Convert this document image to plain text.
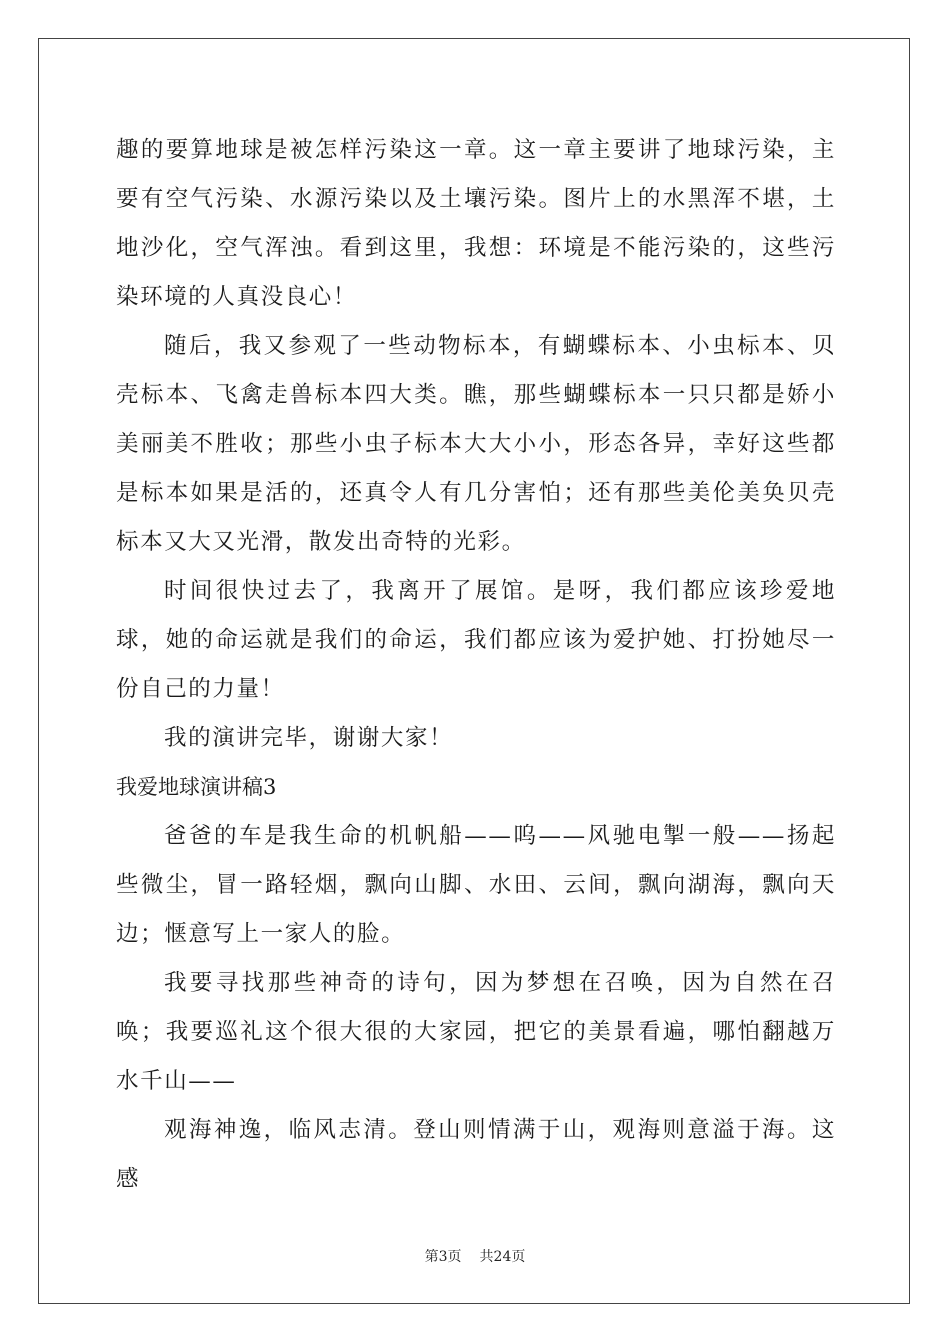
趣的要算地球是被怎样污染这一章。这一章主要讲了地球污染，主要有空气污染、水源污染以及土壤污染。图片上的水黑浑不堪，土地沙化，空气浑浊。看到这里，我想：环境是不能污染的，这些污染环境的人真没良心！

随后，我又参观了一些动物标本，有蝴蝶标本、小虫标本、贝壳标本、飞禽走兽标本四大类。瞧，那些蝴蝶标本一只只都是娇小美丽美不胜收；那些小虫子标本大大小小，形态各异，幸好这些都是标本如果是活的，还真令人有几分害怕；还有那些美伦美奂贝壳标本又大又光滑，散发出奇特的光彩。

时间很快过去了，我离开了展馆。是呀，我们都应该珍爱地球，她的命运就是我们的命运，我们都应该为爱护她、打扮她尽一份自己的力量！

我的演讲完毕，谢谢大家！

我爱地球演讲稿3

爸爸的车是我生命的机帆船——呜——风驰电掣一般——扬起些微尘，冒一路轻烟，飘向山脚、水田、云间，飘向湖海，飘向天边；惬意写上一家人的脸。

我要寻找那些神奇的诗句，因为梦想在召唤，因为自然在召唤；我要巡礼这个很大很的大家园，把它的美景看遍，哪怕翻越万水千山——

观海神逸，临风志清。登山则情满于山，观海则意溢于海。这感

第3页 共24页
